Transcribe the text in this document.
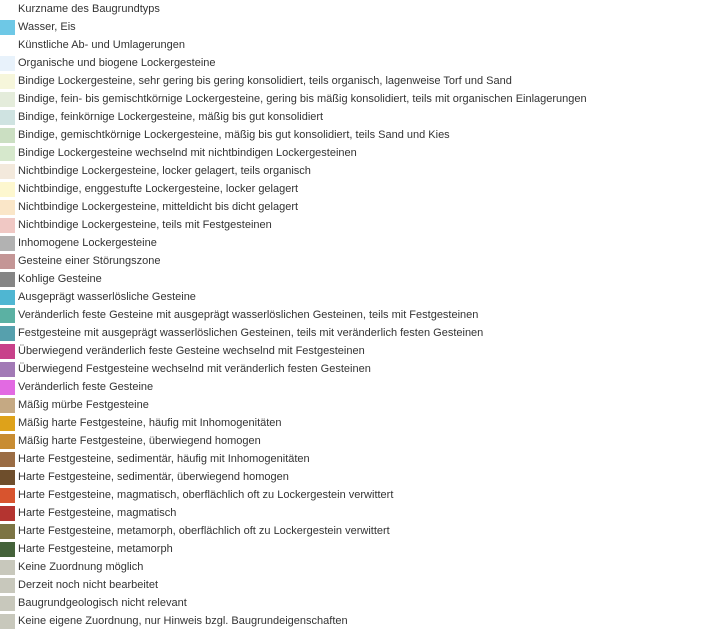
Kurzname des Baugrundtyps
Wasser, Eis
Künstliche Ab- und Umlagerungen
Organische und biogene Lockergesteine
Bindige Lockergesteine, sehr gering bis gering konsolidiert, teils organisch, lagenweise Torf und Sand
Bindige, fein- bis gemischtkörnige Lockergesteine, gering bis mäßig konsolidiert, teils mit organischen Einlagerungen
Bindige, feinkörnige Lockergesteine, mäßig bis gut konsolidiert
Bindige, gemischtkörnige Lockergesteine, mäßig bis gut konsolidiert, teils Sand und Kies
Bindige Lockergesteine wechselnd mit nichtbindigen Lockergesteinen
Nichtbindige Lockergesteine, locker gelagert, teils organisch
Nichtbindige, enggestufte Lockergesteine, locker gelagert
Nichtbindige Lockergesteine, mitteldicht bis dicht gelagert
Nichtbindige Lockergesteine, teils mit Festgesteinen
Inhomogene Lockergesteine
Gesteine einer Störungszone
Kohlige Gesteine
Ausgeprägt wasserlösliche Gesteine
Veränderlich feste Gesteine mit ausgeprägt wasserlöslichen Gesteinen, teils mit Festgesteinen
Festgesteine mit ausgeprägt wasserlöslichen Gesteinen, teils mit veränderlich festen Gesteinen
Überwiegend veränderlich feste Gesteine wechselnd mit Festgesteinen
Überwiegend Festgesteine wechselnd mit veränderlich festen Gesteinen
Veränderlich feste Gesteine
Mäßig mürbe Festgesteine
Mäßig harte Festgesteine, häufig mit Inhomogenitäten
Mäßig harte Festgesteine, überwiegend homogen
Harte Festgesteine, sedimentär, häufig mit Inhomogenitäten
Harte Festgesteine, sedimentär, überwiegend homogen
Harte Festgesteine, magmatisch, oberflächlich oft zu Lockergestein verwittert
Harte Festgesteine, magmatisch
Harte Festgesteine, metamorph, oberflächlich oft zu Lockergestein verwittert
Harte Festgesteine, metamorph
Keine Zuordnung möglich
Derzeit noch nicht bearbeitet
Baugrundgeologisch nicht relevant
Keine eigene Zuordnung, nur Hinweis bzgl. Baugrundeigenschaften
